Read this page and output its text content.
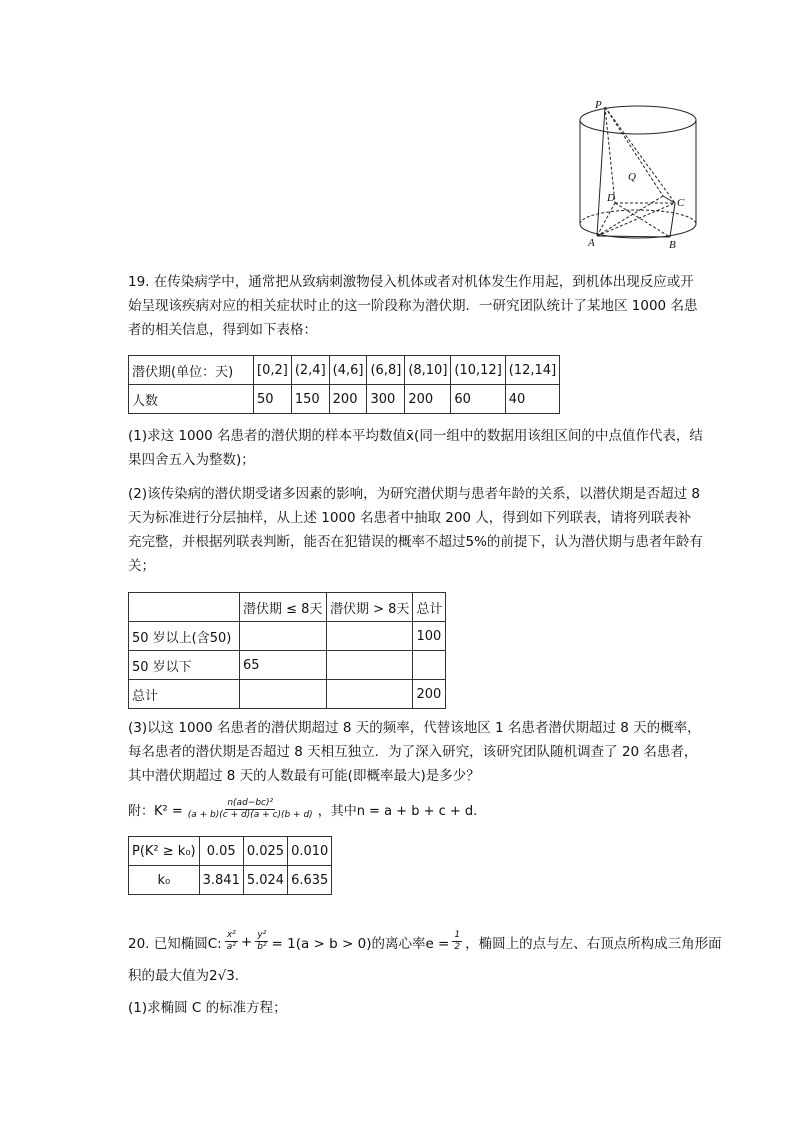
P
Q
D	C
A	B
19. 在传染病学中，通常把从致病刺激物侵入机体或者对机体发生作用起，到机体出现反应或开始呈现该疾病对应的相关症状时止的这一阶段称为潜伏期．一研究团队统计了某地区 1000 名患者的相关信息，得到如下表格：
潜伏期(单位：天)	[0,2]	(2,4]	(4,6]	(6,8]	(8,10]	(10,12]	(12,14]
人数	50	150	200	300	200	60	40
(1)求这 1000 名患者的潜伏期的样本平均数值x̄(同一组中的数据用该组区间的中点值作代表，结果四舍五入为整数)；
(2)该传染病的潜伏期受诸多因素的影响，为研究潜伏期与患者年龄的关系，以潜伏期是否超过 8 天为标准进行分层抽样，从上述 1000 名患者中抽取 200 人，得到如下列联表，请将列联表补充完整，并根据列联表判断，能否在犯错误的概率不超过5%的前提下，认为潜伏期与患者年龄有关；
	潜伏期 ≤ 8天	潜伏期 > 8天	总计
50 岁以上(含50)			100
50 岁以下	65		
总计			200
(3)以这 1000 名患者的潜伏期超过 8 天的频率，代替该地区 1 名患者潜伏期超过 8 天的概率，每名患者的潜伏期是否超过 8 天相互独立．为了深入研究，该研究团队随机调查了 20 名患者，其中潜伏期超过 8 天的人数最有可能(即概率最大)是多少？
附：$K^2 = \frac{\text{n(ad−bc)²}}{(a + b)(c + d)(a + c)(b + d)}$ ，其中n = a + b + c + d.
P(K² ≥ k₀)	0.05	0.025	0.010
k₀	3.841	5.024	6.635
20. 已知椭圆C: $\frac{\text{x²}}{\text{a²}} + \frac{\text{y²}}{\text{b²}} = 1(a > b > 0)$的离心率$e = \frac{1}{2}$ ，椭圆上的点与左、右顶点所构成三角形面
积的最大值为2√3.
(1)求椭圆 C 的标准方程；
